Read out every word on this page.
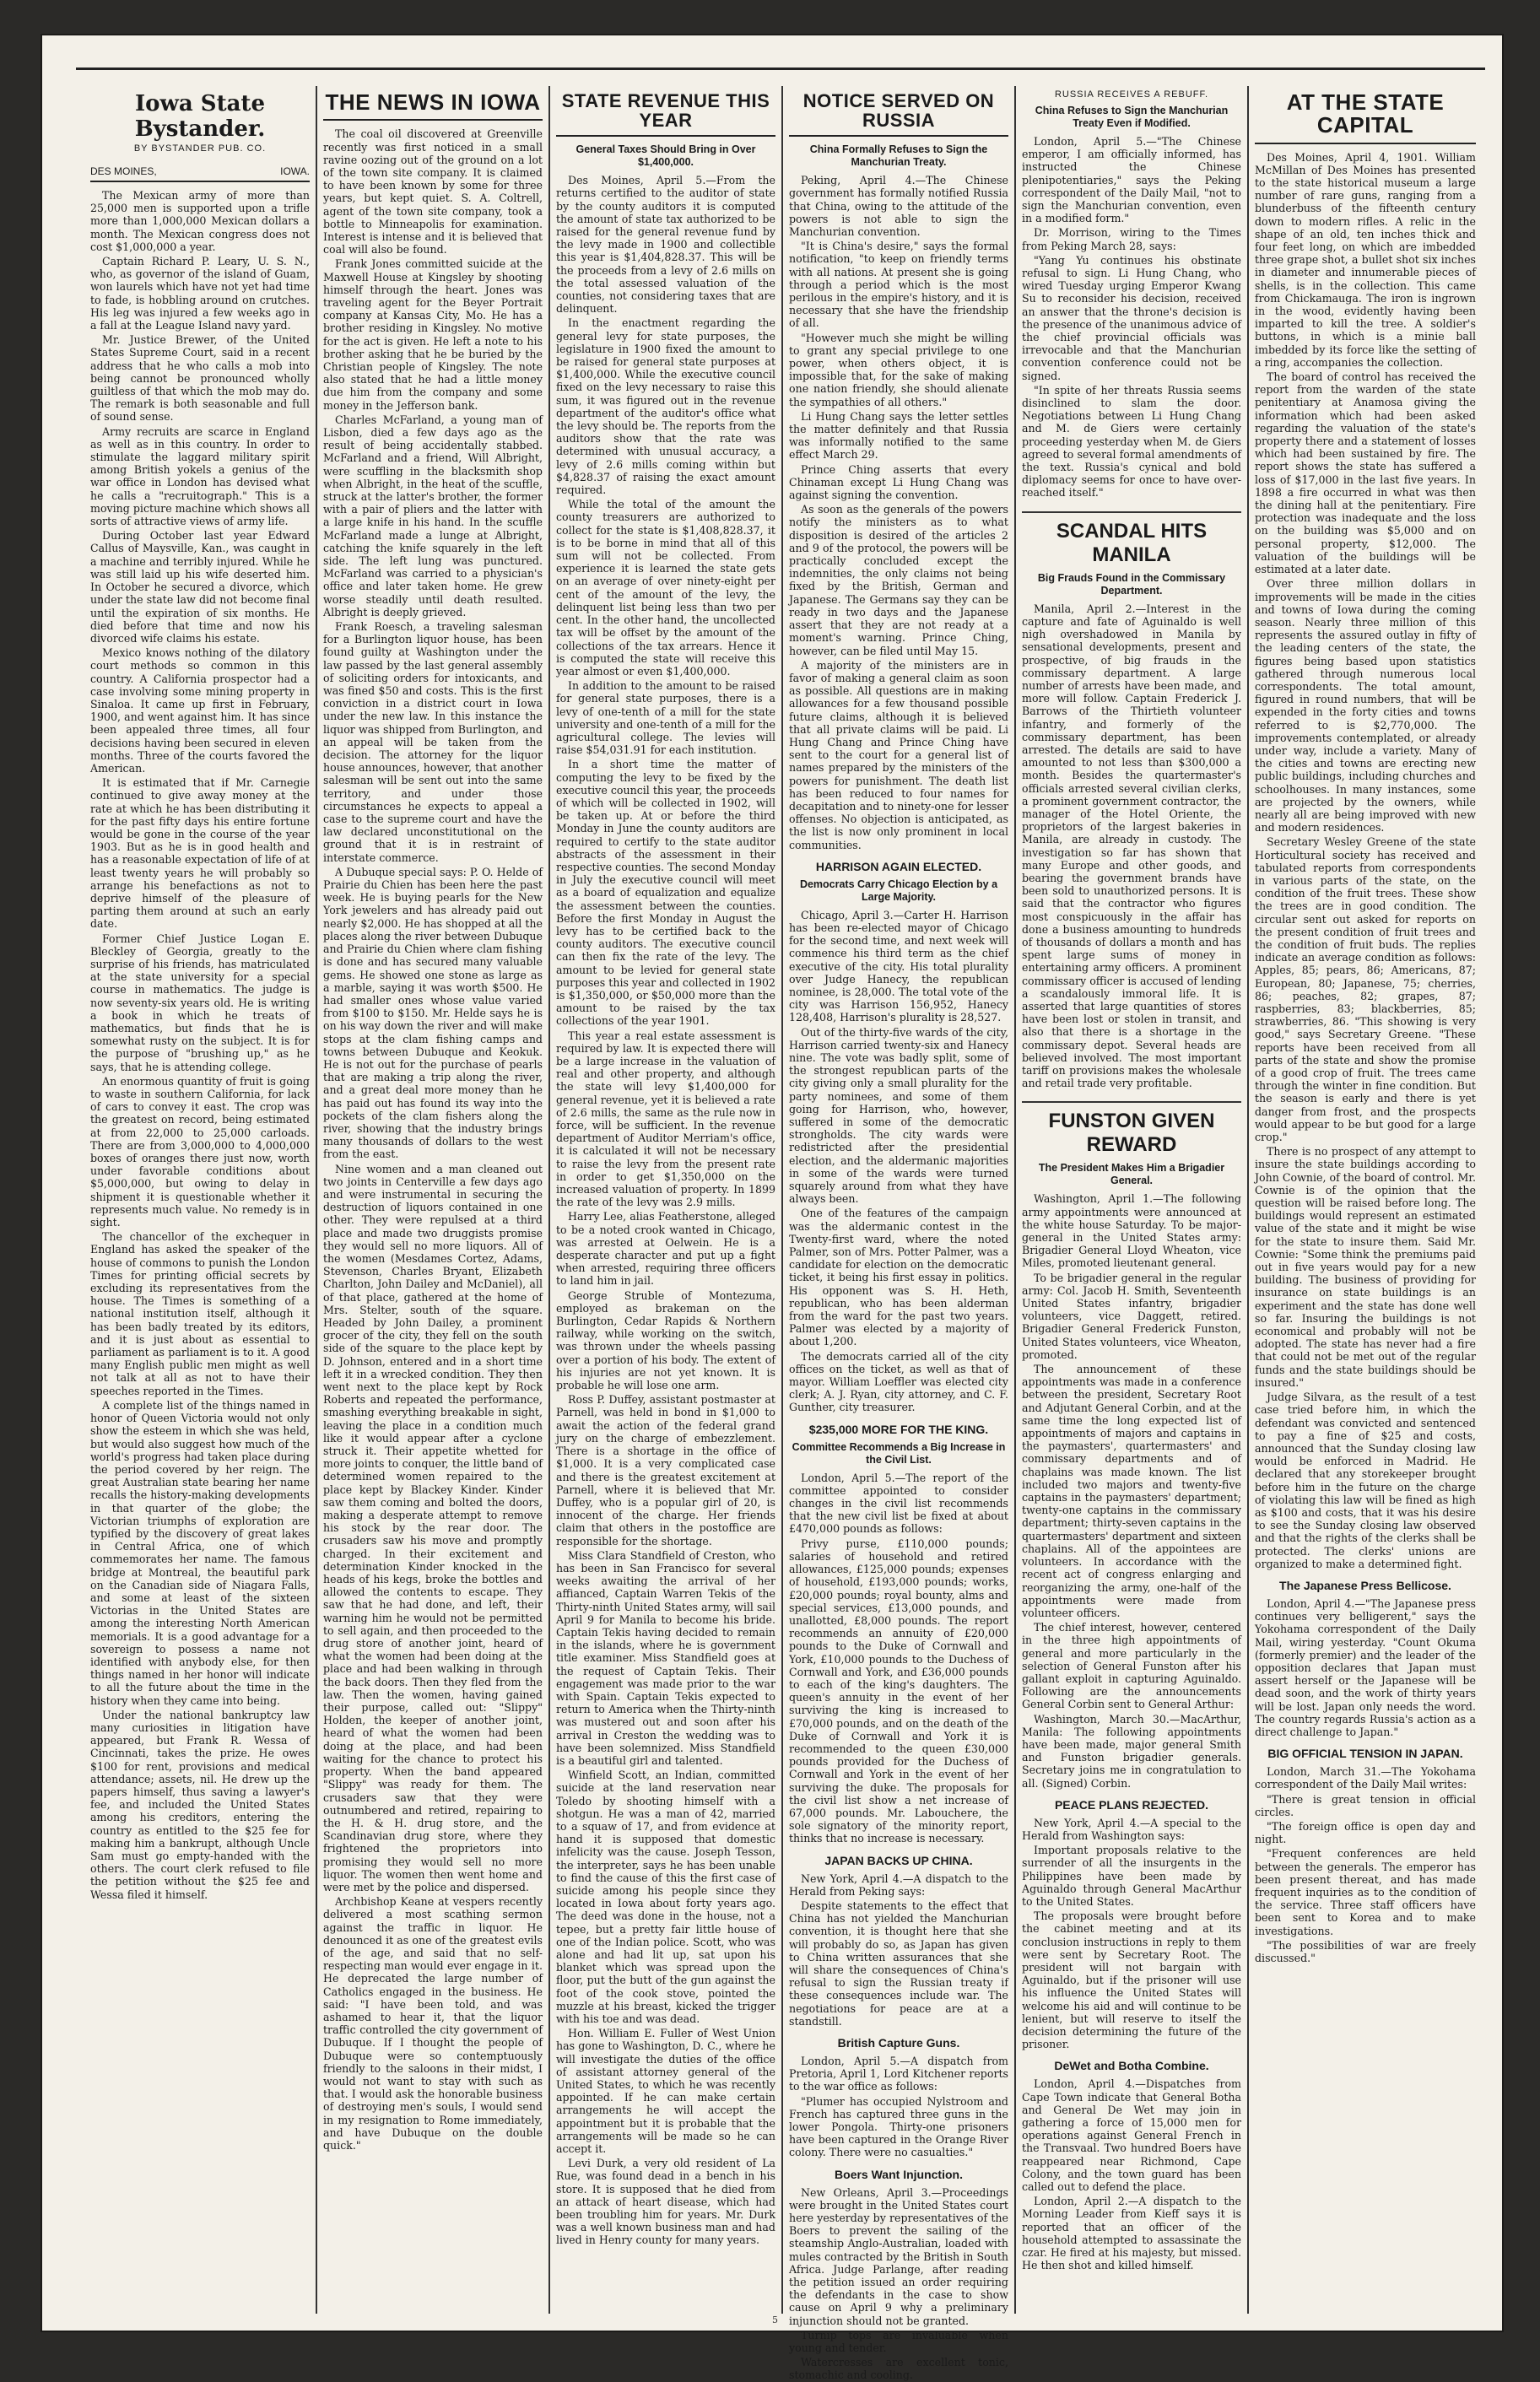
Iowa State Bystander.
BY BYSTANDER PUB. CO.
DES MOINES,	IOWA.

The Mexican army of more than 25,000 men is supported upon a trifle more than 1,000,000 Mexican dollars a month. The Mexican congress does not cost $1,000,000 a year.

Captain Richard P. Leary, U. S. N., who, as governor of the island of Guam, won laurels which have not yet had time to fade, is hobbling around on crutches. His leg was injured a few weeks ago in a fall at the League Island navy yard.

Mr. Justice Brewer, of the United States Supreme Court, said in a recent address that he who calls a mob into being cannot be pronounced wholly guiltless of that which the mob may do. The remark is both seasonable and full of sound sense.

Army recruits are scarce in England as well as in this country. In order to stimulate the laggard military spirit among British yokels a genius of the war office in London has devised what he calls a "recruitograph." This is a moving picture machine which shows all sorts of attractive views of army life.

During October last year Edward Callus of Maysville, Kan., was caught in a machine and terribly injured. While he was still laid up his wife deserted him. In October he secured a divorce, which under the state law did not become final until the expiration of six months. He died before that time and now his divorced wife claims his estate.

Mexico knows nothing of the dilatory court methods so common in this country. A California prospector had a case involving some mining property in Sinaloa. It came up first in February, 1900, and went against him. It has since been appealed three times, all four decisions having been secured in eleven months. Three of the courts favored the American.

It is estimated that if Mr. Carnegie continued to give away money at the rate at which he has been distributing it for the past fifty days his entire fortune would be gone in the course of the year 1903. But as he is in good health and has a reasonable expectation of life of at least twenty years he will probably so arrange his benefactions as not to deprive himself of the pleasure of parting them around at such an early date.

Former Chief Justice Logan E. Bleckley of Georgia, greatly to the surprise of his friends, has matriculated at the state university for a special course in mathematics. The judge is now seventy-six years old. He is writing a book in which he treats of mathematics, but finds that he is somewhat rusty on the subject. It is for the purpose of "brushing up," as he says, that he is attending college.

An enormous quantity of fruit is going to waste in southern California, for lack of cars to convey it east. The crop was the greatest on record, being estimated at from 22,000 to 25,000 carloads. There are from 3,000,000 to 4,000,000 boxes of oranges there just now, worth under favorable conditions about $5,000,000, but owing to delay in shipment it is questionable whether it represents much value. No remedy is in sight.

The chancellor of the exchequer in England has asked the speaker of the house of commons to punish the London Times for printing official secrets by excluding its representatives from the house. The Times is something of a national institution itself, although it has been badly treated by its editors, and it is just about as essential to parliament as parliament is to it. A good many English public men might as well not talk at all as not to have their speeches reported in the Times.

A complete list of the things named in honor of Queen Victoria would not only show the esteem in which she was held, but would also suggest how much of the world's progress had taken place during the period covered by her reign. The great Australian state bearing her name recalls the history-making developments in that quarter of the globe; the Victorian triumphs of exploration are typified by the discovery of great lakes in Central Africa, one of which commemorates her name. The famous bridge at Montreal, the beautiful park on the Canadian side of Niagara Falls, and some at least of the sixteen Victorias in the United States are among the interesting North American memorials. It is a good advantage for a sovereign to possess a name not identified with anybody else, for then things named in her honor will indicate to all the future about the time in the history when they came into being.

Under the national bankruptcy law many curiosities in litigation have appeared, but Frank R. Wessa of Cincinnati, takes the prize. He owes $100 for rent, provisions and medical attendance; assets, nil. He drew up the papers himself, thus saving a lawyer's fee, and included the United States among his creditors, entering the country as entitled to the $25 fee for making him a bankrupt, although Uncle Sam must go empty-handed with the others. The court clerk refused to file the petition without the $25 fee and Wessa filed it himself.

THE NEWS IN IOWA

The coal oil discovered at Greenville recently was first noticed in a small ravine oozing out of the ground on a lot of the town site company. It is claimed to have been known by some for three years, but kept quiet. S. A. Coltrell, agent of the town site company, took a bottle to Minneapolis for examination. Interest is intense and it is believed that coal will also be found.

Frank Jones committed suicide at the Maxwell House at Kingsley by shooting himself through the heart. Jones was traveling agent for the Beyer Portrait company at Kansas City, Mo. He has a brother residing in Kingsley. No motive for the act is given. He left a note to his brother asking that he be buried by the Christian people of Kingsley. The note also stated that he had a little money due him from the company and some money in the Jefferson bank.

Charles McFarland, a young man of Lisbon, died a few days ago as the result of being accidentally stabbed. McFarland and a friend, Will Albright, were scuffling in the blacksmith shop when Albright, in the heat of the scuffle, struck at the latter's brother, the former with a pair of pliers and the latter with a large knife in his hand. In the scuffle McFarland made a lunge at Albright, catching the knife squarely in the left side. The left lung was punctured. McFarland was carried to a physician's office and later taken home. He grew worse steadily until death resulted. Albright is deeply grieved.

Frank Roesch, a traveling salesman for a Burlington liquor house, has been found guilty at Washington under the law passed by the last general assembly of soliciting orders for intoxicants, and was fined $50 and costs. This is the first conviction in a district court in Iowa under the new law. In this instance the liquor was shipped from Burlington, and an appeal will be taken from the decision. The attorney for the liquor house announces, however, that another salesman will be sent out into the same territory, and under those circumstances he expects to appeal a case to the supreme court and have the law declared unconstitutional on the ground that it is in restraint of interstate commerce.

A Dubuque special says: P. O. Helde of Prairie du Chien has been here the past week. He is buying pearls for the New York jewelers and has already paid out nearly $2,000. He has shopped at all the places along the river between Dubuque and Prairie du Chien where clam fishing is done and has secured many valuable gems. He showed one stone as large as a marble, saying it was worth $500. He had smaller ones whose value varied from $100 to $150. Mr. Helde says he is on his way down the river and will make stops at the clam fishing camps and towns between Dubuque and Keokuk. He is not out for the purchase of pearls that are making a trip along the river, and a great deal more money than he has paid out has found its way into the pockets of the clam fishers along the river, showing that the industry brings many thousands of dollars to the west from the east.

Nine women and a man cleaned out two joints in Centerville a few days ago and were instrumental in securing the destruction of liquors contained in one other. They were repulsed at a third place and made two druggists promise they would sell no more liquors. All of the women (Mesdames Cortez, Adams, Stevenson, Charles Bryant, Elizabeth Charlton, John Dailey and McDaniel), all of that place, gathered at the home of Mrs. Stelter, south of the square. Headed by John Dailey, a prominent grocer of the city, they fell on the south side of the square to the place kept by D. Johnson, entered and in a short time left it in a wrecked condition. They then went next to the place kept by Rock Roberts and repeated the performance, smashing everything breakable in sight, leaving the place in a condition much like it would appear after a cyclone struck it. Their appetite whetted for more joints to conquer, the little band of determined women repaired to the place kept by Blackey Kinder. Kinder saw them coming and bolted the doors, making a desperate attempt to remove his stock by the rear door. The crusaders saw his move and promptly charged. In their excitement and determination Kinder knocked in the heads of his kegs, broke the bottles and allowed the contents to escape. They saw that he had done, and left, their warning him he would not be permitted to sell again, and then proceeded to the drug store of another joint, heard of what the women had been doing at the place and had been walking in through the back doors. Then they fled from the law. Then the women, having gained their purpose, called out: "Slippy" Holden, the keeper of another joint, heard of what the women had been doing at the place, and had been waiting for the chance to protect his property. When the band appeared "Slippy" was ready for them. The crusaders saw that they were outnumbered and retired, repairing to the H. & H. drug store, and the Scandinavian drug store, where they frightened the proprietors into promising they would sell no more liquor. The women then went home and were met by the police and dispersed.

Archbishop Keane at vespers recently delivered a most scathing sermon against the traffic in liquor. He denounced it as one of the greatest evils of the age, and said that no self-respecting man would ever engage in it. He deprecated the large number of Catholics engaged in the business. He said: "I have been told, and was ashamed to hear it, that the liquor traffic controlled the city government of Dubuque. If I thought the people of Dubuque were so contemptuously friendly to the saloons in their midst, I would not want to stay with such as that. I would ask the honorable business of destroying men's souls, I would send in my resignation to Rome immediately, and have Dubuque on the double quick."

STATE REVENUE THIS YEAR
General Taxes Should Bring in Over $1,400,000.

Des Moines, April 5.—From the returns certified to the auditor of state by the county auditors it is computed the amount of state tax authorized to be raised for the general revenue fund by the levy made in 1900 and collectible this year is $1,404,828.37. This will be the proceeds from a levy of 2.6 mills on the total assessed valuation of the counties, not considering taxes that are delinquent.

In the enactment regarding the general levy for state purposes, the legislature in 1900 fixed the amount to be raised for general state purposes at $1,400,000. While the executive council fixed on the levy necessary to raise this sum, it was figured out in the revenue department of the auditor's office what the levy should be. The reports from the auditors show that the rate was determined with unusual accuracy, a levy of 2.6 mills coming within but $4,828.37 of raising the exact amount required.

While the total of the amount the county treasurers are authorized to collect for the state is $1,408,828.37, it is to be borne in mind that all of this sum will not be collected. From experience it is learned the state gets on an average of over ninety-eight per cent of the amount of the levy, the delinquent list being less than two per cent. In the other hand, the uncollected tax will be offset by the amount of the collections of the tax arrears. Hence it is computed the state will receive this year almost or even $1,400,000.

In addition to the amount to be raised for general state purposes, there is a levy of one-tenth of a mill for the state university and one-tenth of a mill for the agricultural college. The levies will raise $54,031.91 for each institution.

In a short time the matter of computing the levy to be fixed by the executive council this year, the proceeds of which will be collected in 1902, will be taken up. At or before the third Monday in June the county auditors are required to certify to the state auditor abstracts of the assessment in their respective counties. The second Monday in July the executive council will meet as a board of equalization and equalize the assessment between the counties. Before the first Monday in August the levy has to be certified back to the county auditors. The executive council can then fix the rate of the levy. The amount to be levied for general state purposes this year and collected in 1902 is $1,350,000, or $50,000 more than the amount to be raised by the tax collections of the year 1901.

This year a real estate assessment is required by law. It is expected there will be a large increase in the valuation of real and other property, and although the state will levy $1,400,000 for general revenue, yet it is believed a rate of 2.6 mills, the same as the rule now in force, will be sufficient. In the revenue department of Auditor Merriam's office, it is calculated it will not be necessary to raise the levy from the present rate in order to get $1,350,000 on the increased valuation of property. In 1899 the rate of the levy was 2.9 mills.

Harry Lee, alias Featherstone, alleged to be a noted crook wanted in Chicago, was arrested at Oelwein. He is a desperate character and put up a fight when arrested, requiring three officers to land him in jail.

George Struble of Montezuma, employed as brakeman on the Burlington, Cedar Rapids & Northern railway, while working on the switch, was thrown under the wheels passing over a portion of his body. The extent of his injuries are not yet known. It is probable he will lose one arm.

Ross P. Duffey, assistant postmaster at Parnell, was held in bond in $1,000 to await the action of the federal grand jury on the charge of embezzlement. There is a shortage in the office of $1,000. It is a very complicated case and there is the greatest excitement at Parnell, where it is believed that Mr. Duffey, who is a popular girl of 20, is innocent of the charge. Her friends claim that others in the postoffice are responsible for the shortage.

Miss Clara Standfield of Creston, who has been in San Francisco for several weeks awaiting the arrival of her affianced, Captain Warren Tekis of the Thirty-ninth United States army, will sail April 9 for Manila to become his bride. Captain Tekis having decided to remain in the islands, where he is government title examiner. Miss Standfield goes at the request of Captain Tekis. Their engagement was made prior to the war with Spain. Captain Tekis expected to return to America when the Thirty-ninth was mustered out and soon after his arrival in Creston the wedding was to have been solemnized. Miss Standfield is a beautiful girl and talented.

Winfield Scott, an Indian, committed suicide at the land reservation near Toledo by shooting himself with a shotgun. He was a man of 42, married to a squaw of 17, and from evidence at hand it is supposed that domestic infelicity was the cause. Joseph Tesson, the interpreter, says he has been unable to find the cause of this the first case of suicide among his people since they located in Iowa about forty years ago. The deed was done in the house, not a tepee, but a pretty fair little house of one of the Indian police. Scott, who was alone and had lit up, sat upon his blanket which was spread upon the floor, put the butt of the gun against the foot of the cook stove, pointed the muzzle at his breast, kicked the trigger with his toe and was dead.

Hon. William E. Fuller of West Union has gone to Washington, D. C., where he will investigate the duties of the office of assistant attorney general of the United States, to which he was recently appointed. If he can make certain arrangements he will accept the appointment but it is probable that the arrangements will be made so he can accept it.

Levi Durk, a very old resident of La Rue, was found dead in a bench in his store. It is supposed that he died from an attack of heart disease, which had been troubling him for years. Mr. Durk was a well known business man and had lived in Henry county for many years.

NOTICE SERVED ON RUSSIA
China Formally Refuses to Sign the Manchurian Treaty.

Peking, April 4.—The Chinese government has formally notified Russia that China, owing to the attitude of the powers is not able to sign the Manchurian convention.

"It is China's desire," says the formal notification, "to keep on friendly terms with all nations. At present she is going through a period which is the most perilous in the empire's history, and it is necessary that she have the friendship of all.

"However much she might be willing to grant any special privilege to one power, when others object, it is impossible that, for the sake of making one nation friendly, she should alienate the sympathies of all others."

Li Hung Chang says the letter settles the matter definitely and that Russia was informally notified to the same effect March 29.

Prince Ching asserts that every Chinaman except Li Hung Chang was against signing the convention.

As soon as the generals of the powers notify the ministers as to what disposition is desired of the articles 2 and 9 of the protocol, the powers will be practically concluded except the indemnities, the only claims not being fixed by the British, German and Japanese. The Germans say they can be ready in two days and the Japanese assert that they are not ready at a moment's warning. Prince Ching, however, can be filed until May 15.

A majority of the ministers are in favor of making a general claim as soon as possible. All questions are in making allowances for a few thousand possible future claims, although it is believed that all private claims will be paid. Li Hung Chang and Prince Ching have sent to the court for a general list of names prepared by the ministers of the powers for punishment. The death list has been reduced to four names for decapitation and to ninety-one for lesser offenses. No objection is anticipated, as the list is now only prominent in local communities.

HARRISON AGAIN ELECTED.
Democrats Carry Chicago Election by a Large Majority.

Chicago, April 3.—Carter H. Harrison has been re-elected mayor of Chicago for the second time, and next week will commence his third term as the chief executive of the city. His total plurality over Judge Hanecy, the republican nominee, is 28,000. The total vote of the city was Harrison 156,952, Hanecy 128,408, Harrison's plurality is 28,527.

Out of the thirty-five wards of the city, Harrison carried twenty-six and Hanecy nine. The vote was badly split, some of the strongest republican parts of the city giving only a small plurality for the party nominees, and some of them going for Harrison, who, however, suffered in some of the democratic strongholds. The city wards were redistricted after the presidential election, and the aldermanic majorities in some of the wards were turned squarely around from what they have always been.

One of the features of the campaign was the aldermanic contest in the Twenty-first ward, where the noted Palmer, son of Mrs. Potter Palmer, was a candidate for election on the democratic ticket, it being his first essay in politics. His opponent was S. H. Heth, republican, who has been alderman from the ward for the past two years. Palmer was elected by a majority of about 1,200.

The democrats carried all of the city offices on the ticket, as well as that of mayor. William Loeffler was elected city clerk; A. J. Ryan, city attorney, and C. F. Gunther, city treasurer.

$235,000 MORE FOR THE KING.
Committee Recommends a Big Increase in the Civil List.

London, April 5.—The report of the committee appointed to consider changes in the civil list recommends that the new civil list be fixed at about £470,000 pounds as follows:

Privy purse, £110,000 pounds; salaries of household and retired allowances, £125,000 pounds; expenses of household, £193,000 pounds; works, £20,000 pounds; royal bounty, alms and special services, £13,000 pounds, and unallotted, £8,000 pounds. The report recommends an annuity of £20,000 pounds to the Duke of Cornwall and York, £10,000 pounds to the Duchess of Cornwall and York, and £36,000 pounds to each of the king's daughters. The queen's annuity in the event of her surviving the king is increased to £70,000 pounds, and on the death of the Duke of Cornwall and York it is recommended to the queen £30,000 pounds provided for the Duchess of Cornwall and York in the event of her surviving the duke. The proposals for the civil list show a net increase of 67,000 pounds. Mr. Labouchere, the sole signatory of the minority report, thinks that no increase is necessary.

JAPAN BACKS UP CHINA.

New York, April 4.—A dispatch to the Herald from Peking says:

Despite statements to the effect that China has not yielded the Manchurian convention, it is thought here that she will probably do so, as Japan has given to China written assurances that she will share the consequences of China's refusal to sign the Russian treaty if these consequences include war. The negotiations for peace are at a standstill.

British Capture Guns.

London, April 5.—A dispatch from Pretoria, April 1, Lord Kitchener reports to the war office as follows:

"Plumer has occupied Nylstroom and French has captured three guns in the lower Pongola. Thirty-one prisoners have been captured in the Orange River colony. There were no casualties."

Boers Want Injunction.

New Orleans, April 3.—Proceedings were brought in the United States court here yesterday by representatives of the Boers to prevent the sailing of the steamship Anglo-Australian, loaded with mules contracted by the British in South Africa. Judge Parlange, after reading the petition issued an order requiring the defendants in the case to show cause on April 9 why a preliminary injunction should not be granted.

Turnip tops are invaluable when young and tender.

Watercresses are excellent tonic, stomachic and cooling.

RUSSIA RECEIVES A REBUFF.
China Refuses to Sign the Manchurian Treaty Even if Modified.

London, April 5.—"The Chinese emperor, I am officially informed, has instructed the Chinese plenipotentiaries," says the Peking correspondent of the Daily Mail, "not to sign the Manchurian convention, even in a modified form."

Dr. Morrison, wiring to the Times from Peking March 28, says:

"Yang Yu continues his obstinate refusal to sign. Li Hung Chang, who wired Tuesday urging Emperor Kwang Su to reconsider his decision, received an answer that the throne's decision is the presence of the unanimous advice of the chief provincial officials was irrevocable and that the Manchurian convention conference could not be signed.

"In spite of her threats Russia seems disinclined to slam the door. Negotiations between Li Hung Chang and M. de Giers were certainly proceeding yesterday when M. de Giers agreed to several formal amendments of the text. Russia's cynical and bold diplomacy seems for once to have over-reached itself."

SCANDAL HITS MANILA
Big Frauds Found in the Commissary Department.

Manila, April 2.—Interest in the capture and fate of Aguinaldo is well nigh overshadowed in Manila by sensational developments, present and prospective, of big frauds in the commissary department. A large number of arrests have been made, and more will follow. Captain Frederick J. Barrows of the Thirtieth volunteer infantry, and formerly of the commissary department, has been arrested. The details are said to have amounted to not less than $300,000 a month. Besides the quartermaster's officials arrested several civilian clerks, a prominent government contractor, the manager of the Hotel Oriente, the proprietors of the largest bakeries in Manila, are already in custody. The investigation so far has shown that many Europe and other goods, and bearing the government brands have been sold to unauthorized persons. It is said that the contractor who figures most conspicuously in the affair has done a business amounting to hundreds of thousands of dollars a month and has spent large sums of money in entertaining army officers. A prominent commissary officer is accused of lending a scandalously immoral life. It is asserted that large quantities of stores have been lost or stolen in transit, and also that there is a shortage in the commissary depot. Several heads are believed involved. The most important tariff on provisions makes the wholesale and retail trade very profitable.

FUNSTON GIVEN REWARD
The President Makes Him a Brigadier General.

Washington, April 1.—The following army appointments were announced at the white house Saturday. To be major-general in the United States army: Brigadier General Lloyd Wheaton, vice Miles, promoted lieutenant general.

To be brigadier general in the regular army: Col. Jacob H. Smith, Seventeenth United States infantry, brigadier volunteers, vice Daggett, retired. Brigadier General Frederick Funston, United States volunteers, vice Wheaton, promoted.

The announcement of these appointments was made in a conference between the president, Secretary Root and Adjutant General Corbin, and at the same time the long expected list of appointments of majors and captains in the paymasters', quartermasters' and commissary departments and of chaplains was made known. The list included two majors and twenty-five captains in the paymasters' department; twenty-one captains in the commissary department; thirty-seven captains in the quartermasters' department and sixteen chaplains. All of the appointees are volunteers. In accordance with the recent act of congress enlarging and reorganizing the army, one-half of the appointments were made from volunteer officers.

The chief interest, however, centered in the three high appointments of general and more particularly in the selection of General Funston after his gallant exploit in capturing Aguinaldo. Following are the announcements General Corbin sent to General Arthur:

Washington, March 30.—MacArthur, Manila: The following appointments have been made, major general Smith and Funston brigadier generals. Secretary joins me in congratulation to all. (Signed) Corbin.

PEACE PLANS REJECTED.

New York, April 4.—A special to the Herald from Washington says:

Important proposals relative to the surrender of all the insurgents in the Philippines have been made by Aguinaldo through General MacArthur to the United States.

The proposals were brought before the cabinet meeting and at its conclusion instructions in reply to them were sent by Secretary Root. The president will not bargain with Aguinaldo, but if the prisoner will use his influence the United States will welcome his aid and will continue to be lenient, but will reserve to itself the decision determining the future of the prisoner.

DeWet and Botha Combine.

London, April 4.—Dispatches from Cape Town indicate that General Botha and General De Wet may join in gathering a force of 15,000 men for operations against General French in the Transvaal. Two hundred Boers have reappeared near Richmond, Cape Colony, and the town guard has been called out to defend the place.

London, April 2.—A dispatch to the Morning Leader from Kieff says it is reported that an officer of the household attempted to assassinate the czar. He fired at his majesty, but missed. He then shot and killed himself.

AT THE STATE CAPITAL

Des Moines, April 4, 1901. William McMillan of Des Moines has presented to the state historical museum a large number of rare guns, ranging from a blunderbuss of the fifteenth century down to modern rifles. A relic in the shape of an old, ten inches thick and four feet long, on which are imbedded three grape shot, a bullet shot six inches in diameter and innumerable pieces of shells, is in the collection. This came from Chickamauga. The iron is ingrown in the wood, evidently having been imparted to kill the tree. A soldier's buttons, in which is a minie ball imbedded by its force like the setting of a ring, accompanies the collection.

The board of control has received the report from the warden of the state penitentiary at Anamosa giving the information which had been asked regarding the valuation of the state's property there and a statement of losses which had been sustained by fire. The report shows the state has suffered a loss of $17,000 in the last five years. In 1898 a fire occurred in what was then the dining hall at the penitentiary. Fire protection was inadequate and the loss on the building was $5,000 and on personal property, $12,000. The valuation of the buildings will be estimated at a later date.

Over three million dollars in improvements will be made in the cities and towns of Iowa during the coming season. Nearly three million of this represents the assured outlay in fifty of the leading centers of the state, the figures being based upon statistics gathered through numerous local correspondents. The total amount, figured in round numbers, that will be expended in the forty cities and towns referred to is $2,770,000. The improvements contemplated, or already under way, include a variety. Many of the cities and towns are erecting new public buildings, including churches and schoolhouses. In many instances, some are projected by the owners, while nearly all are being improved with new and modern residences.

Secretary Wesley Greene of the state Horticultural society has received and tabulated reports from correspondents in various parts of the state, on the condition of the fruit trees. These show the trees are in good condition. The circular sent out asked for reports on the present condition of fruit trees and the condition of fruit buds. The replies indicate an average condition as follows: Apples, 85; pears, 86; Americans, 87; European, 80; Japanese, 75; cherries, 86; peaches, 82; grapes, 87; raspberries, 83; blackberries, 85; strawberries, 86. "This showing is very good," says Secretary Greene. "These reports have been received from all parts of the state and show the promise of a good crop of fruit. The trees came through the winter in fine condition. But the season is early and there is yet danger from frost, and the prospects would appear to be but good for a large crop."

There is no prospect of any attempt to insure the state buildings according to John Cownie, of the board of control. Mr. Cownie is of the opinion that the question will be raised before long. The buildings would represent an estimated value of the state and it might be wise for the state to insure them. Said Mr. Cownie: "Some think the premiums paid out in five years would pay for a new building. The business of providing for insurance on state buildings is an experiment and the state has done well so far. Insuring the buildings is not economical and probably will not be adopted. The state has never had a fire that could not be met out of the regular funds and the state buildings should be insured."

Judge Silvara, as the result of a test case tried before him, in which the defendant was convicted and sentenced to pay a fine of $25 and costs, announced that the Sunday closing law would be enforced in Madrid. He declared that any storekeeper brought before him in the future on the charge of violating this law will be fined as high as $100 and costs, that it was his desire to see the Sunday closing law observed and that the rights of the clerks shall be protected. The clerks' unions are organized to make a determined fight.

The Japanese Press Bellicose.

London, April 4.—"The Japanese press continues very belligerent," says the Yokohama correspondent of the Daily Mail, wiring yesterday. "Count Okuma (formerly premier) and the leader of the opposition declares that Japan must assert herself or the Japanese will be dead soon, and the work of thirty years will be lost. Japan only needs the word. The country regards Russia's action as a direct challenge to Japan."

BIG OFFICIAL TENSION IN JAPAN.

London, March 31.—The Yokohama correspondent of the Daily Mail writes:

"There is great tension in official circles.

"The foreign office is open day and night.

"Frequent conferences are held between the generals. The emperor has been present thereat, and has made frequent inquiries as to the condition of the service. Three staff officers have been sent to Korea and to make investigations.

"The possibilities of war are freely discussed."

5
